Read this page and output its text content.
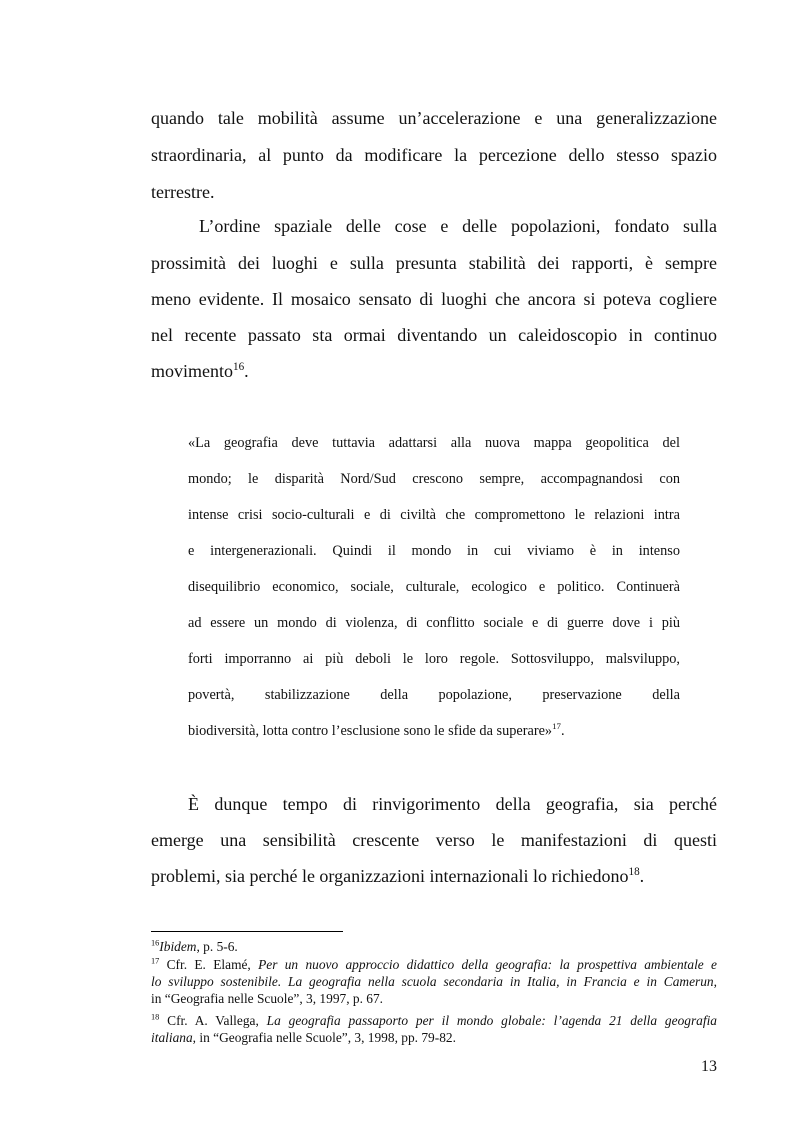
quando tale mobilità assume un’accelerazione e una generalizzazione
straordinaria, al punto da modificare la percezione dello stesso spazio
terrestre.
L’ordine spaziale delle cose e delle popolazioni, fondato sulla
prossimità dei luoghi e sulla presunta stabilità dei rapporti, è sempre
meno evidente. Il mosaico sensato di luoghi che ancora si poteva cogliere
nel recente passato sta ormai diventando un caleidoscopio in continuo
movimento$^{16}$.
«La geografia deve tuttavia adattarsi alla nuova mappa geopolitica del
mondo; le disparità Nord/Sud crescono sempre, accompagnandosi con
intense crisi socio-culturali e di civiltà che compromettono le relazioni intra
e intergenerazionali. Quindi il mondo in cui viviamo è in intenso
disequilibrio economico, sociale, culturale, ecologico e politico. Continuerà
ad essere un mondo di violenza, di conflitto sociale e di guerre dove i più
forti imporranno ai più deboli le loro regole. Sottosviluppo, malsviluppo,
povertà, stabilizzazione della popolazione, preservazione della
biodiversità, lotta contro l’esclusione sono le sfide da superare»$^{17}$.
È dunque tempo di rinvigorimento della geografia, sia perché
emerge una sensibilità crescente verso le manifestazioni di questi
problemi, sia perché le organizzazioni internazionali lo richiedono$^{18}$.
$^{16}$Ibidem, p. 5-6.
$^{17}$ Cfr. E. Elamé, Per un nuovo approccio didattico della geografia: la prospettiva ambientale e
lo sviluppo sostenibile. La geografia nella scuola secondaria in Italia, in Francia e in Camerun,
in “Geografia nelle Scuole”, 3, 1997, p. 67.
$^{18}$ Cfr. A. Vallega, La geografia passaporto per il mondo globale: l’agenda 21 della geografia
italiana, in “Geografia nelle Scuole”, 3, 1998, pp. 79-82.
13
